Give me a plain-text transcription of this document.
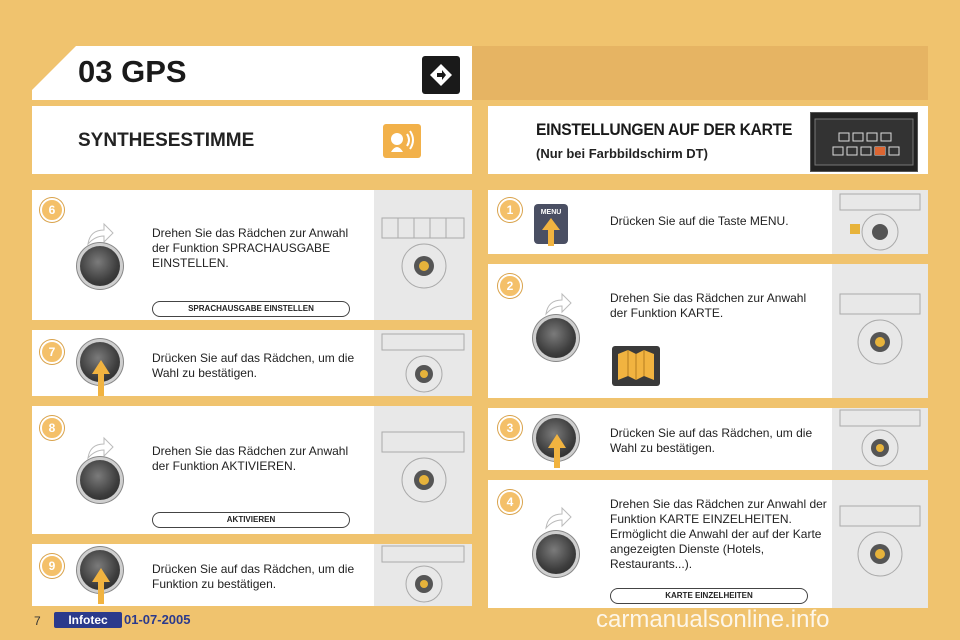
03 GPS
SYNTHESESTIMME
EINSTELLUNGEN AUF DER KARTE
(Nur bei Farbbildschirm DT)
6
Drehen Sie das Rädchen zur Anwahl der Funktion SPRACHAUSGABE EINSTELLEN.
SPRACHAUSGABE EINSTELLEN
7	Drücken Sie auf das Rädchen, um die Wahl zu bestätigen.
8
Drehen Sie das Rädchen zur Anwahl der Funktion AKTIVIEREN.
AKTIVIEREN
9	Drücken Sie auf das Rädchen, um die Funktion zu bestätigen.
1	MENU
Drücken Sie auf die Taste MENU.
2
Drehen Sie das Rädchen zur Anwahl der Funktion KARTE.
3	Drücken Sie auf das Rädchen, um die Wahl zu bestätigen.
4	Drehen Sie das Rädchen zur Anwahl der Funktion KARTE EINZELHEITEN. Ermöglicht die Anwahl der auf der Karte angezeigten Dienste (Hotels, Restaurants...).
KARTE EINZELHEITEN
7	Infotec	01-07-2005	carmanualsonline.info
